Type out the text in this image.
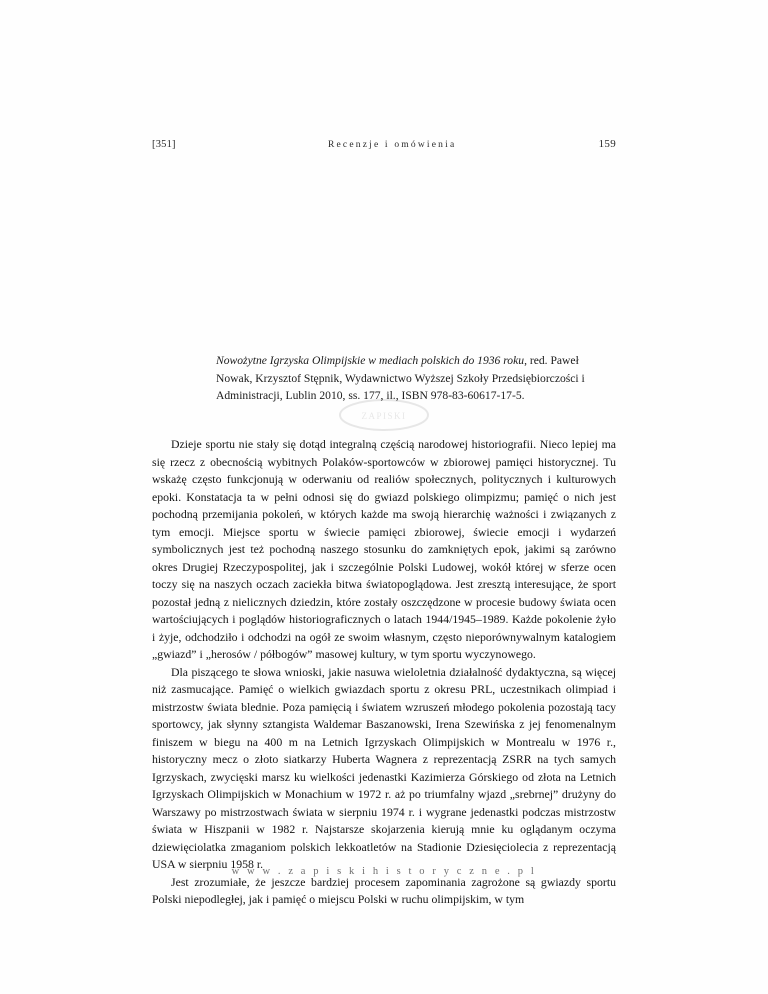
[351]	Recenzje i omówienia	159
ZAPISKI
Nowożytne Igrzyska Olimpijskie w mediach polskich do 1936 roku, red. Paweł Nowak, Krzysztof Stępnik, Wydawnictwo Wyższej Szkoły Przedsiębiorczości i Administracji, Lublin 2010, ss. 177, il., ISBN 978-83-60617-17-5.

Dzieje sportu nie stały się dotąd integralną częścią narodowej historiografii. Nieco lepiej ma się rzecz z obecnością wybitnych Polaków-sportowców w zbiorowej pamięci historycznej. Tu wskażę często funkcjonują w oderwaniu od realiów społecznych, politycznych i kulturowych epoki. Konstatacja ta w pełni odnosi się do gwiazd polskiego olimpizmu; pamięć o nich jest pochodną przemijania pokoleń, w których każde ma swoją hierarchię ważności i związanych z tym emocji. Miejsce sportu w świecie pamięci zbiorowej, świecie emocji i wydarzeń symbolicznych jest też pochodną naszego stosunku do zamkniętych epok, jakimi są zarówno okres Drugiej Rzeczypospolitej, jak i szczególnie Polski Ludowej, wokół której w sferze ocen toczy się na naszych oczach zaciekła bitwa światopoglądowa. Jest zresztą interesujące, że sport pozostał jedną z nielicznych dziedzin, które zostały oszczędzone w procesie budowy świata ocen wartościujących i poglądów historiograficznych o latach 1944/1945–1989. Każde pokolenie żyło i żyje, odchodziło i odchodzi na ogół ze swoim własnym, często nieporównywalnym katalogiem „gwiazd” i „herosów / półbogów” masowej kultury, w tym sportu wyczynowego.

Dla piszącego te słowa wnioski, jakie nasuwa wieloletnia działalność dydaktyczna, są więcej niż zasmucające. Pamięć o wielkich gwiazdach sportu z okresu PRL, uczestnikach olimpiad i mistrzostw świata blednie. Poza pamięcią i światem wzruszeń młodego pokolenia pozostają tacy sportowcy, jak słynny sztangista Waldemar Baszanowski, Irena Szewińska z jej fenomenalnym finiszem w biegu na 400 m na Letnich Igrzyskach Olimpijskich w Montrealu w 1976 r., historyczny mecz o złoto siatkarzy Huberta Wagnera z reprezentacją ZSRR na tych samych Igrzyskach, zwycięski marsz ku wielkości jedenastki Kazimierza Górskiego od złota na Letnich Igrzyskach Olimpijskich w Monachium w 1972 r. aż po triumfalny wjazd „srebrnej” drużyny do Warszawy po mistrzostwach świata w sierpniu 1974 r. i wygrane jedenastki podczas mistrzostw świata w Hiszpanii w 1982 r. Najstarsze skojarzenia kierują mnie ku oglądanym oczyma dziewięciolatka zmaganiom polskich lekkoatletów na Stadionie Dziesięciolecia z reprezentacją USA w sierpniu 1958 r.

Jest zrozumiałe, że jeszcze bardziej procesem zapominania zagrożone są gwiazdy sportu Polski niepodległej, jak i pamięć o miejscu Polski w ruchu olimpijskim, w tym

w w w . z a p i s k i h i s t o r y c z n e . p l
